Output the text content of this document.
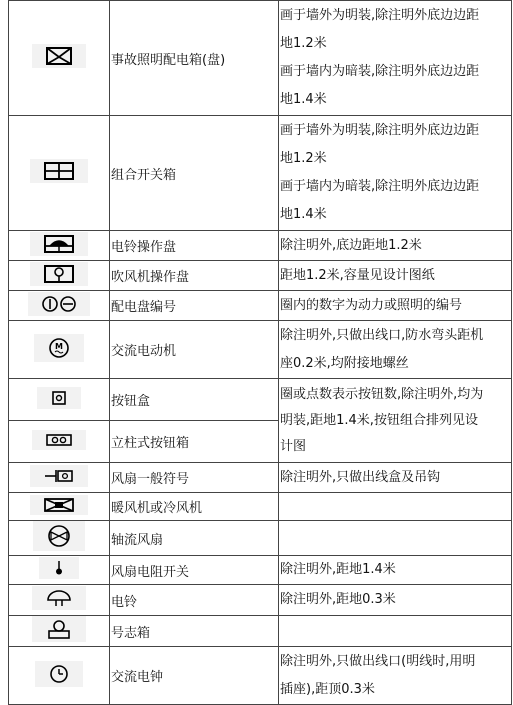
	事故照明配电箱(盘)	画于墙外为明装,除注明外底边边距
地1.2米
画于墙内为暗装,除注明外底边边距
地1.4米

	组合开关箱	画于墙外为明装,除注明外底边边距
地1.2米
画于墙内为暗装,除注明外底边边距
地1.4米

	电铃操作盘	除注明外,底边距地1.2米

	吹风机操作盘	距地1.2米,容量见设计图纸

	配电盘编号	圈内的数字为动力或照明的编号

M	交流电动机	除注明外,只做出线口,防水弯头距机
座0.2米,均附接地螺丝

	按钮盒	圈或点数表示按钮数,除注明外,均为
明装,距地1.4米,按钮组合排列见设
计图

	立柱式按钮箱	

	风扇一般符号	除注明外,只做出线盒及吊钩

	暖风机或冷风机	

	轴流风扇	

	风扇电阻开关	除注明外,距地1.4米

	电铃	除注明外,距地0.3米

	号志箱	

	交流电钟	除注明外,只做出线口(明线时,用明
插座),距顶0.3米
